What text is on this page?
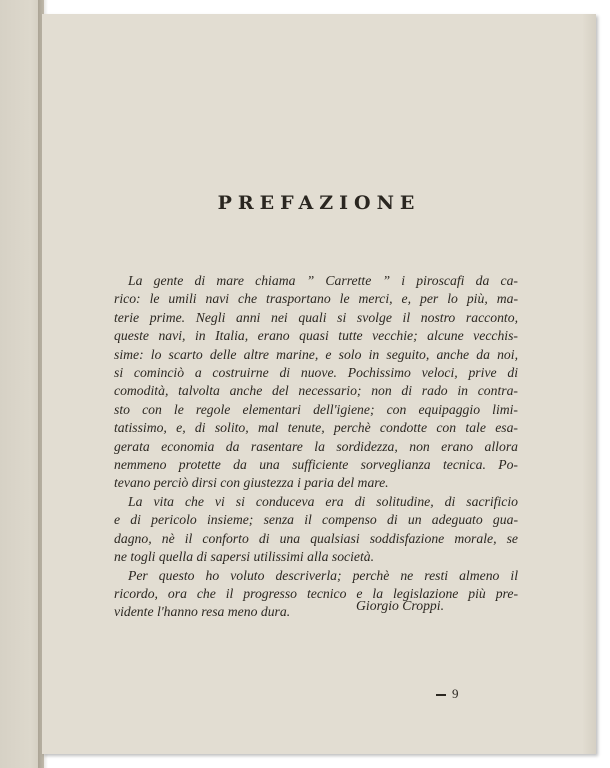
PREFAZIONE
La gente di mare chiama ” Carrette ” i piroscafi da ca-
rico: le umili navi che trasportano le merci, e, per lo più, ma-
terie prime. Negli anni nei quali si svolge il nostro racconto,
queste navi, in Italia, erano quasi tutte vecchie; alcune vecchis-
sime: lo scarto delle altre marine, e solo in seguito, anche da noi,
si cominciò a costruirne di nuove. Pochissimo veloci, prive di
comodità, talvolta anche del necessario; non di rado in contra-
sto con le regole elementari dell'igiene; con equipaggio limi-
tatissimo, e, di solito, mal tenute, perchè condotte con tale esa-
gerata economia da rasentare la sordidezza, non erano allora
nemmeno protette da una sufficiente sorveglianza tecnica. Po-
tevano perciò dirsi con giustezza i paria del mare.
La vita che vi si conduceva era di solitudine, di sacrificio
e di pericolo insieme; senza il compenso di un adeguato gua-
dagno, nè il conforto di una qualsiasi soddisfazione morale, se
ne togli quella di sapersi utilissimi alla società.
Per questo ho voluto descriverla; perchè ne resti almeno il
ricordo, ora che il progresso tecnico e la legislazione più pre-
vidente l'hanno resa meno dura.	Giorgio Croppi.
9
